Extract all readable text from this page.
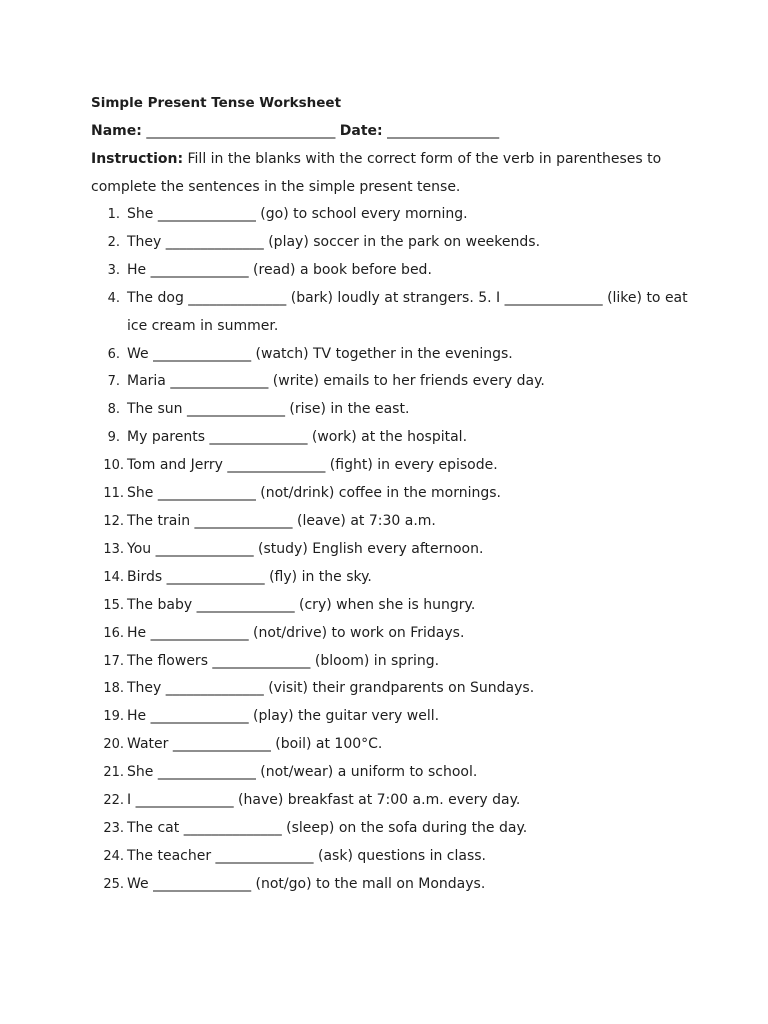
Simple Present Tense Worksheet
Name: ___________________________ Date: ________________
Instruction: Fill in the blanks with the correct form of the verb in parentheses to complete the sentences in the simple present tense.
1. She ______________ (go) to school every morning.
2. They ______________ (play) soccer in the park on weekends.
3. He ______________ (read) a book before bed.
4. The dog ______________ (bark) loudly at strangers. 5. I ______________ (like) to eat ice cream in summer.
6. We ______________ (watch) TV together in the evenings.
7. Maria ______________ (write) emails to her friends every day.
8. The sun ______________ (rise) in the east.
9. My parents ______________ (work) at the hospital.
10. Tom and Jerry ______________ (fight) in every episode.
11. She ______________ (not/drink) coffee in the mornings.
12. The train ______________ (leave) at 7:30 a.m.
13. You ______________ (study) English every afternoon.
14. Birds ______________ (fly) in the sky.
15. The baby ______________ (cry) when she is hungry.
16. He ______________ (not/drive) to work on Fridays.
17. The flowers ______________ (bloom) in spring.
18. They ______________ (visit) their grandparents on Sundays.
19. He ______________ (play) the guitar very well.
20. Water ______________ (boil) at 100°C.
21. She ______________ (not/wear) a uniform to school.
22. I ______________ (have) breakfast at 7:00 a.m. every day.
23. The cat ______________ (sleep) on the sofa during the day.
24. The teacher ______________ (ask) questions in class.
25. We ______________ (not/go) to the mall on Mondays.
